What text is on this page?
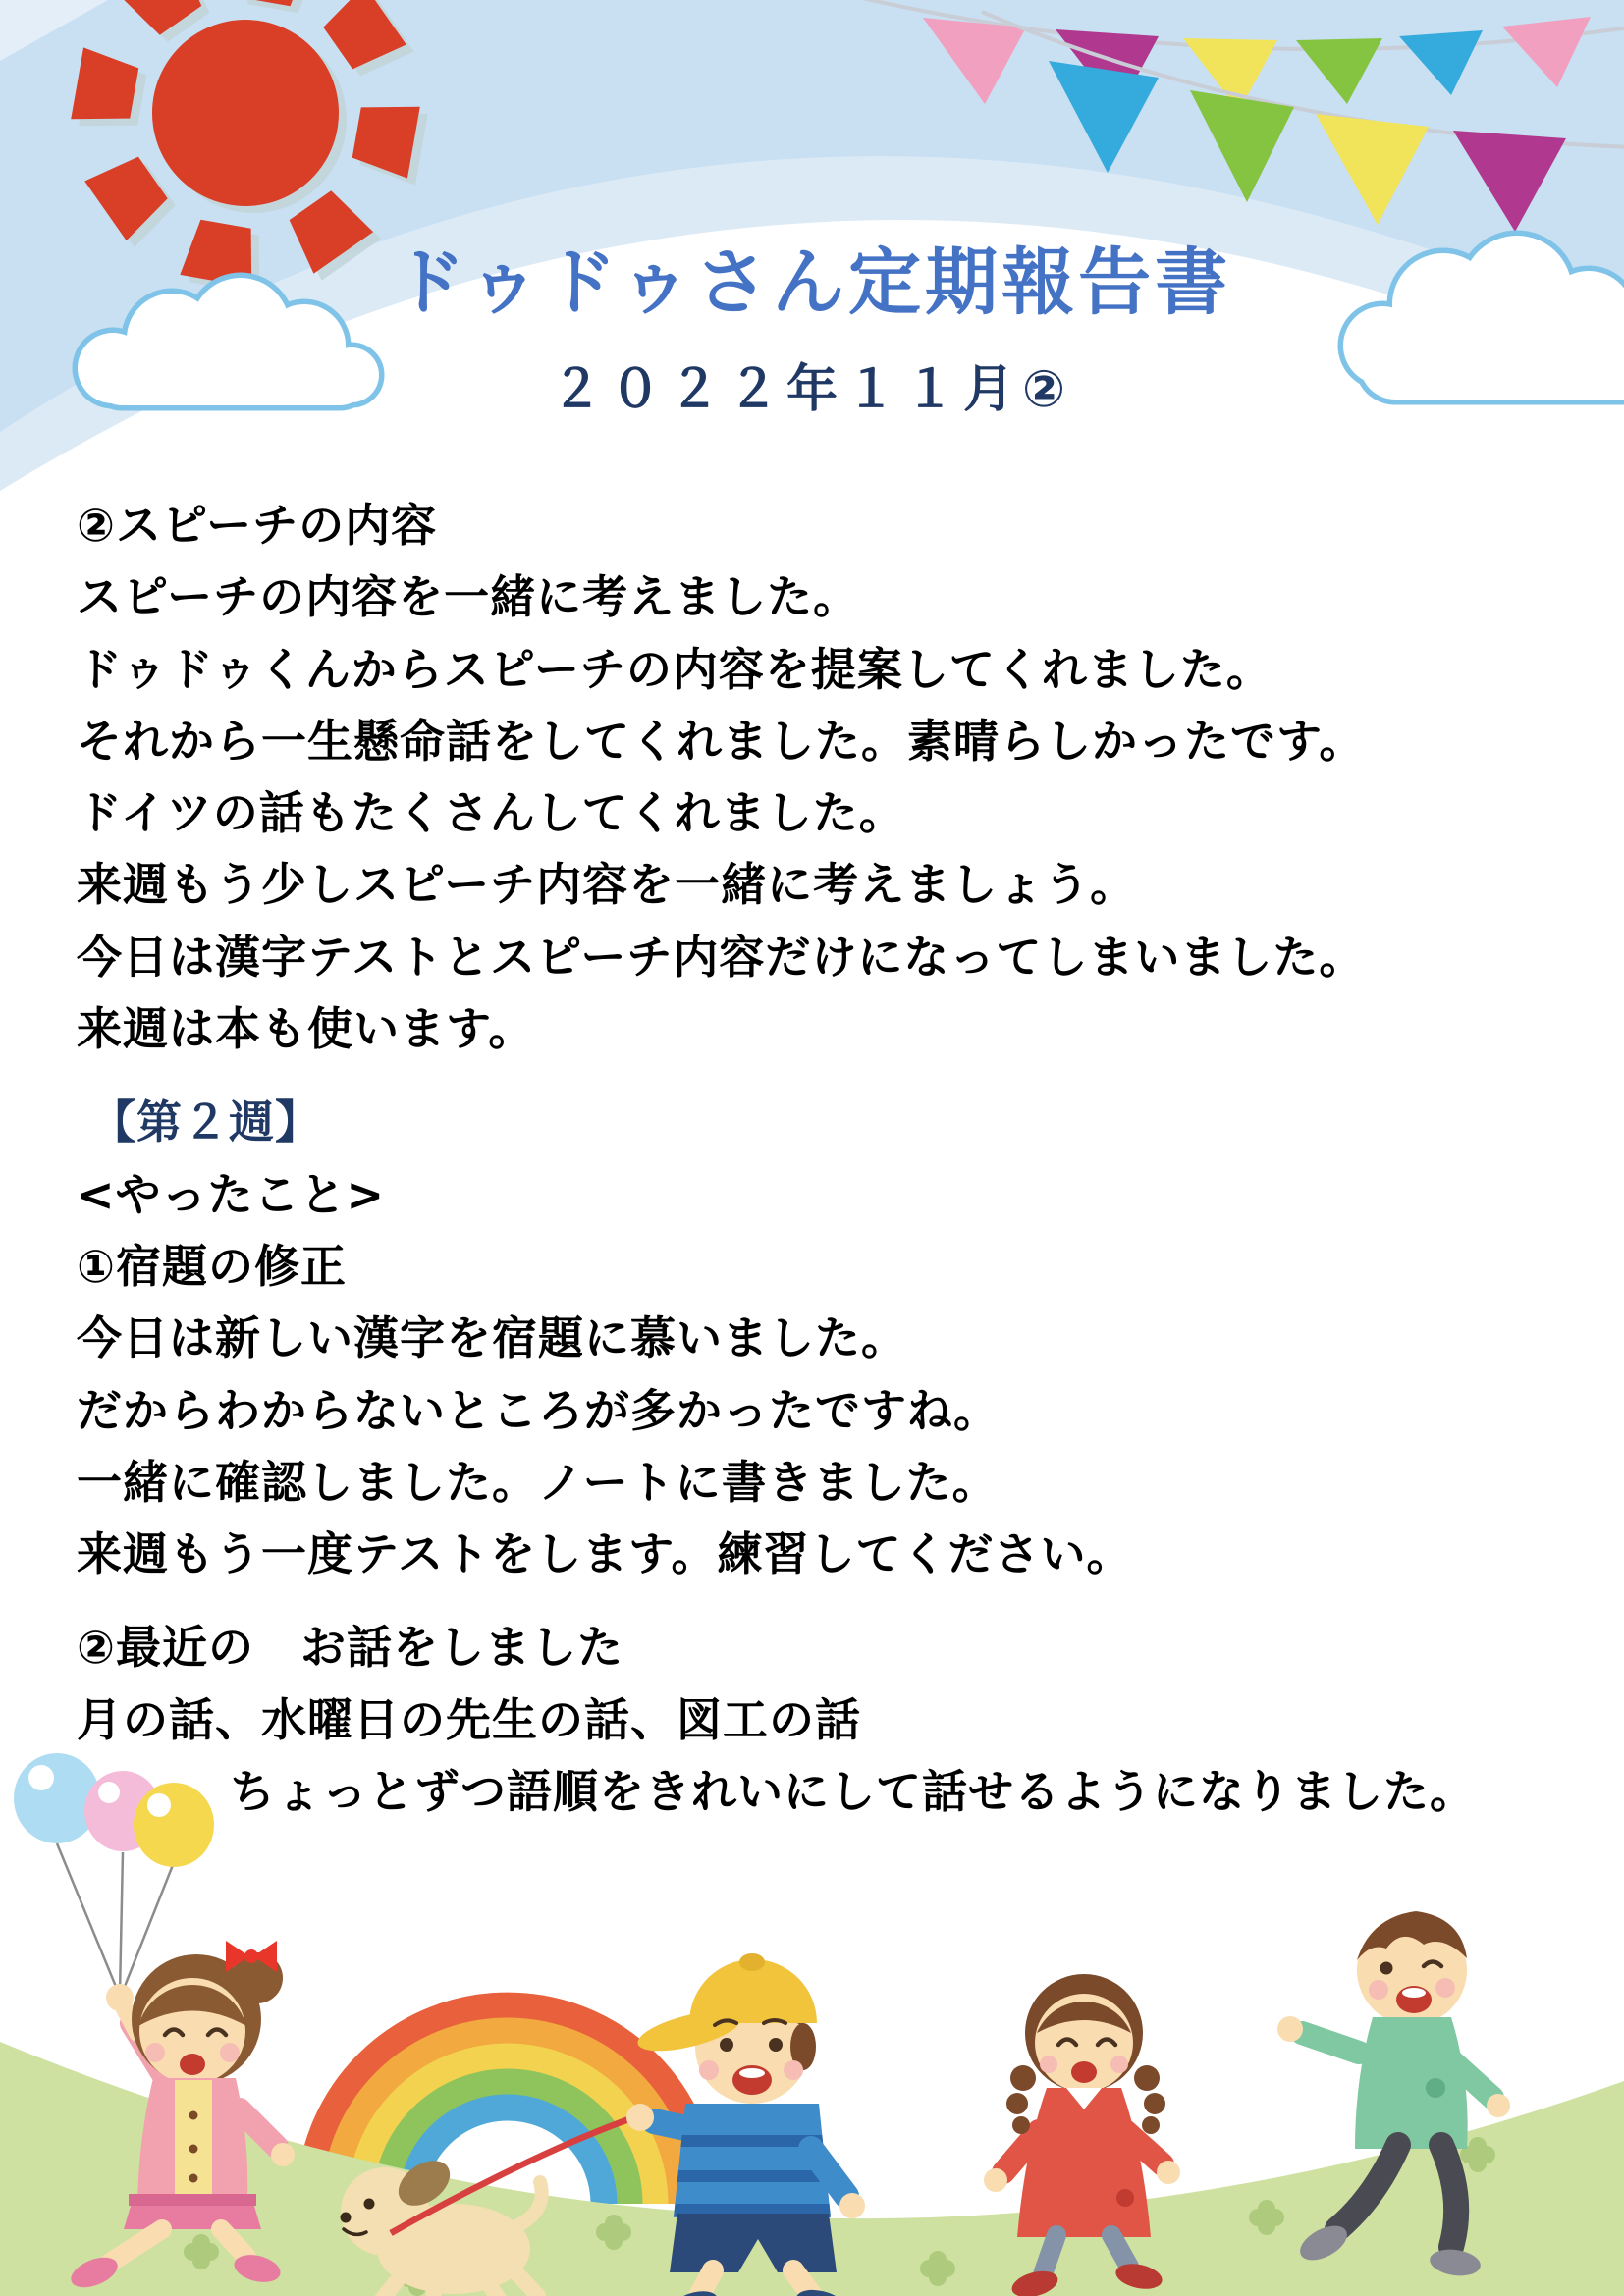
ドゥドゥさん定期報告書
２０２２年１１月②
②スピーチの内容
スピーチの内容を一緒に考えました。
ドゥドゥくんからスピーチの内容を提案してくれました。
それから一生懸命話をしてくれました。素晴らしかったです。
ドイツの話もたくさんしてくれました。
来週もう少しスピーチ内容を一緒に考えましょう。
今日は漢字テストとスピーチ内容だけになってしまいました。
来週は本も使います。
【第２週】
<やったこと>
①宿題の修正
今日は新しい漢字を宿題に慕いました。
だからわからないところが多かったですね。
一緒に確認しました。ノートに書きました。
来週もう一度テストをします。練習してください。
②最近の　お話をしました
月の話、水曜日の先生の話、図工の話
ちょっとずつ語順をきれいにして話せるようになりました。
